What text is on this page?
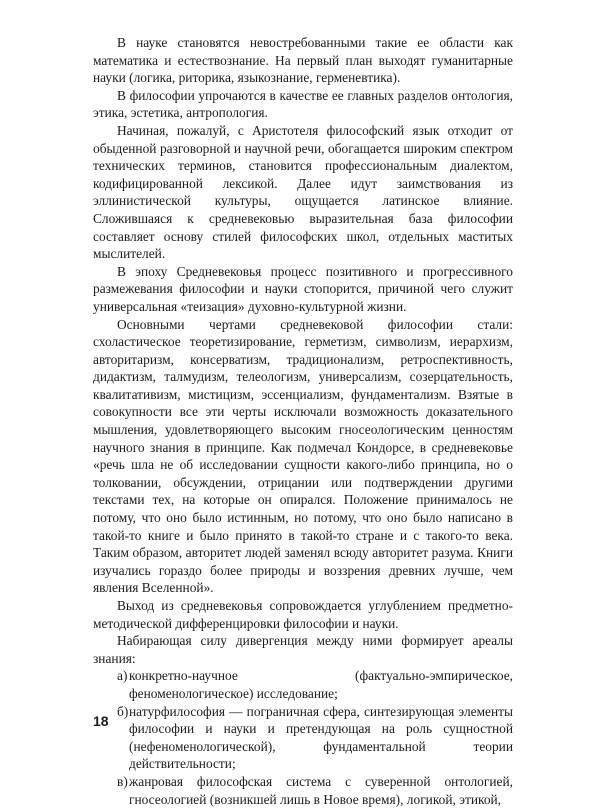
В науке становятся невостребованными такие ее области как математика и естествознание. На первый план выходят гуманитарные науки (логика, риторика, языкознание, герменевтика).

В философии упрочаются в качестве ее главных разделов онтология, этика, эстетика, антропология.

Начиная, пожалуй, с Аристотеля философский язык отходит от обыденной разговорной и научной речи, обогащается широким спектром технических терминов, становится профессиональным диалектом, кодифицированной лексикой. Далее идут заимствования из эллинистической культуры, ощущается латинское влияние. Сложившаяся к средневековью выразительная база философии составляет основу стилей философских школ, отдельных маститых мыслителей.

В эпоху Средневековья процесс позитивного и прогрессивного размежевания философии и науки стопорится, причиной чего служит универсальная «теизация» духовно-культурной жизни.

Основными чертами средневековой философии стали: схоластическое теоретизирование, герметизм, символизм, иерархизм, авторитаризм, консерватизм, традиционализм, ретроспективность, дидактизм, талмудизм, телеологизм, универсализм, созерцательность, квалитативизм, мистицизм, эссенциализм, фундаментализм. Взятые в совокупности все эти черты исключали возможность доказательного мышления, удовлетворяющего высоким гносеологическим ценностям научного знания в принципе. Как подмечал Кондорсе, в средневековье «речь шла не об исследовании сущности какого-либо принципа, но о толковании, обсуждении, отрицании или подтверждении другими текстами тех, на которые он опирался. Положение принималось не потому, что оно было истинным, но потому, что оно было написано в такой-то книге и было принято в такой-то стране и с такого-то века. Таким образом, авторитет людей заменял всюду авторитет разума. Книги изучались гораздо более природы и воззрения древних лучше, чем явления Вселенной».

Выход из средневековья сопровождается углублением предметно-методической дифференцировки философии и науки.

Набирающая силу дивергенция между ними формирует ареалы знания:

а) конкретно-научное (фактуально-эмпирическое, феноменологическое) исследование;

б) натурфилософия — пограничная сфера, синтезирующая элементы философии и науки и претендующая на роль сущностной (нефеноменологической), фундаментальной теории действительности;

в) жанровая философская система с суверенной онтологией, гносеологией (возникшей лишь в Новое время), логикой, этикой,

18
